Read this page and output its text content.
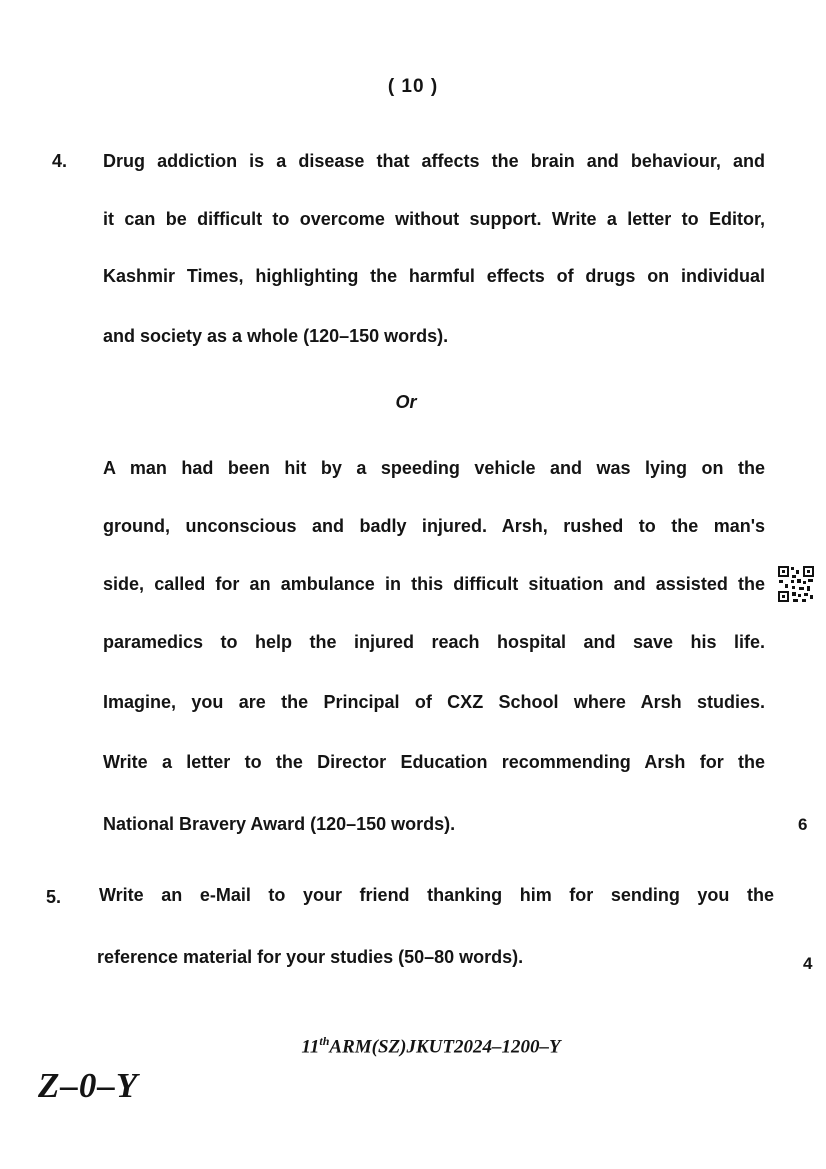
( 10 )
4. Drug addiction is a disease that affects the brain and behaviour, and
it can be difficult to overcome without support. Write a letter to Editor,
Kashmir Times, highlighting the harmful effects of drugs on individual
and society as a whole (120–150 words).
Or
A man had been hit by a speeding vehicle and was lying on the
ground, unconscious and badly injured. Arsh, rushed to the man's
side, called for an ambulance in this difficult situation and assisted the
paramedics to help the injured reach hospital and save his life.
Imagine, you are the Principal of CXZ School where Arsh studies.
Write a letter to the Director Education recommending Arsh for the
National Bravery Award (120–150 words).	6
5. Write an e-Mail to your friend thanking him for sending you the
reference material for your studies (50–80 words).	4
11thARM(SZ)JKUT2024–1200–Y
Z–0–Y
